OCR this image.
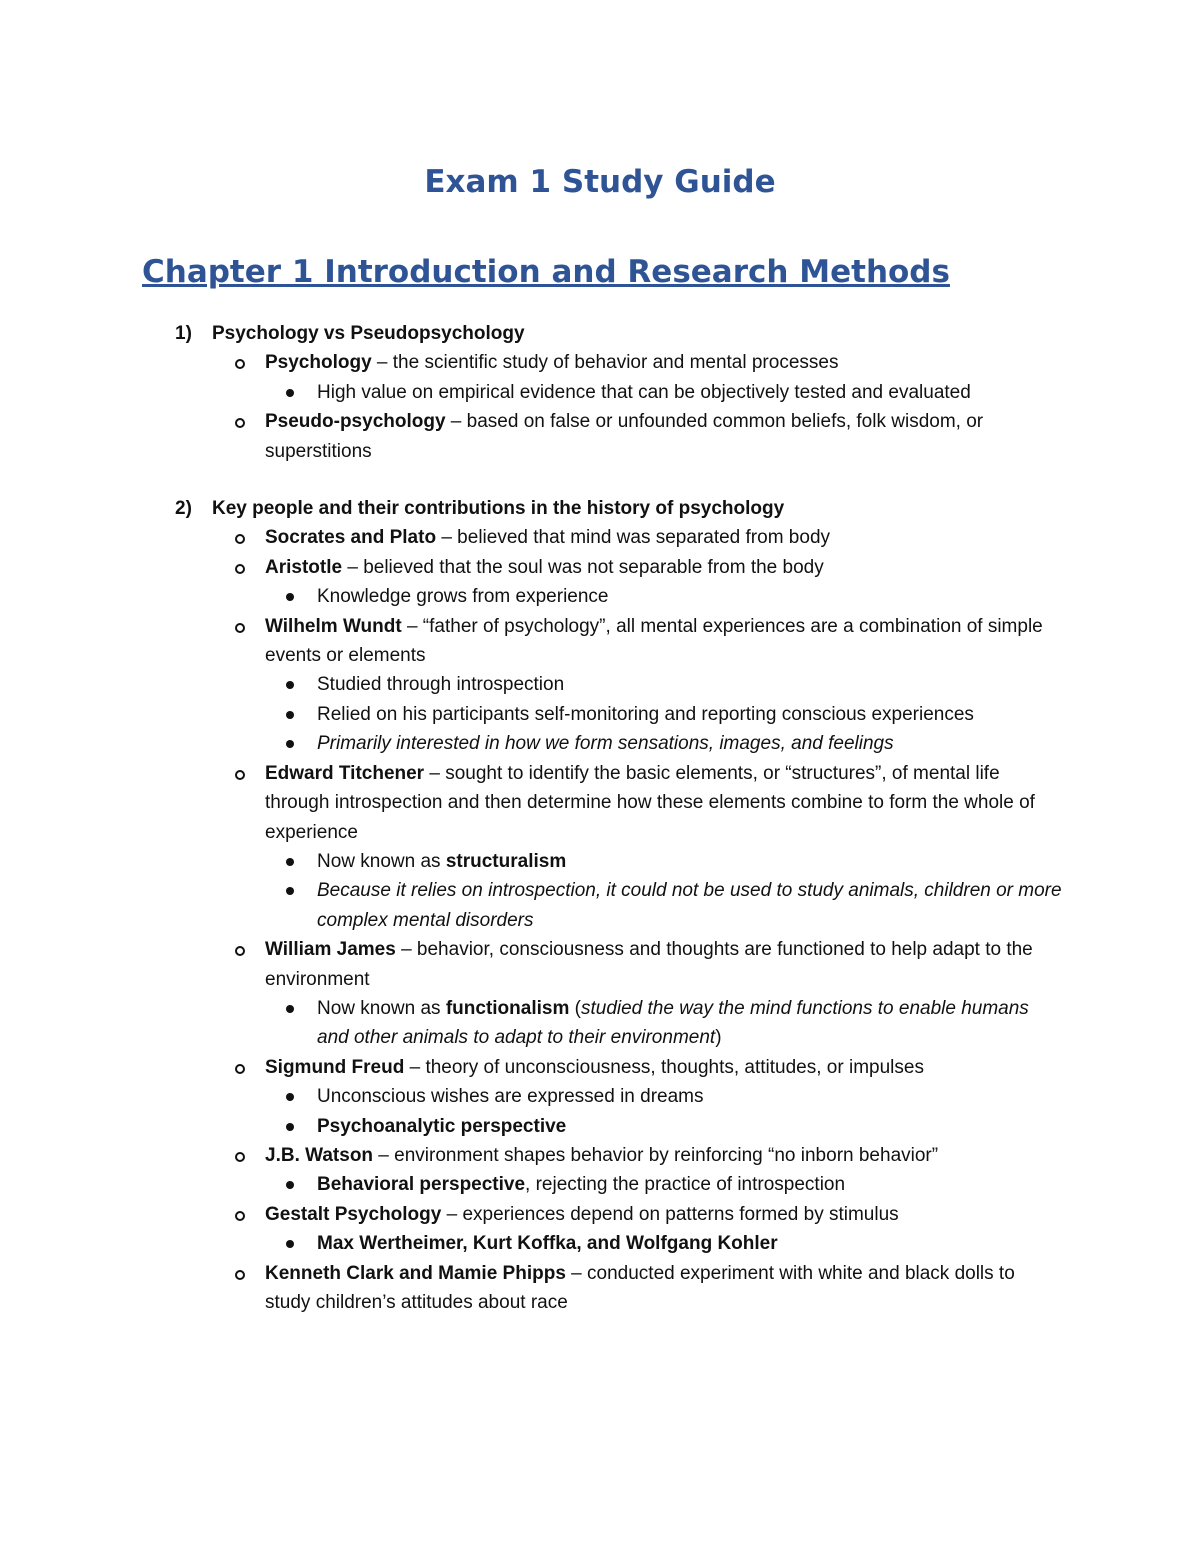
Exam 1 Study Guide
Chapter 1 Introduction and Research Methods
1) Psychology vs Pseudopsychology
Psychology – the scientific study of behavior and mental processes
High value on empirical evidence that can be objectively tested and evaluated
Pseudo-psychology – based on false or unfounded common beliefs, folk wisdom, or superstitions
2) Key people and their contributions in the history of psychology
Socrates and Plato – believed that mind was separated from body
Aristotle – believed that the soul was not separable from the body
Knowledge grows from experience
Wilhelm Wundt – “father of psychology”, all mental experiences are a combination of simple events or elements
Studied through introspection
Relied on his participants self-monitoring and reporting conscious experiences
Primarily interested in how we form sensations, images, and feelings
Edward Titchener – sought to identify the basic elements, or “structures”, of mental life through introspection and then determine how these elements combine to form the whole of experience
Now known as structuralism
Because it relies on introspection, it could not be used to study animals, children or more complex mental disorders
William James – behavior, consciousness and thoughts are functioned to help adapt to the environment
Now known as functionalism (studied the way the mind functions to enable humans and other animals to adapt to their environment)
Sigmund Freud – theory of unconsciousness, thoughts, attitudes, or impulses
Unconscious wishes are expressed in dreams
Psychoanalytic perspective
J.B. Watson – environment shapes behavior by reinforcing “no inborn behavior”
Behavioral perspective, rejecting the practice of introspection
Gestalt Psychology – experiences depend on patterns formed by stimulus
Max Wertheimer, Kurt Koffka, and Wolfgang Kohler
Kenneth Clark and Mamie Phipps – conducted experiment with white and black dolls to study children’s attitudes about race
